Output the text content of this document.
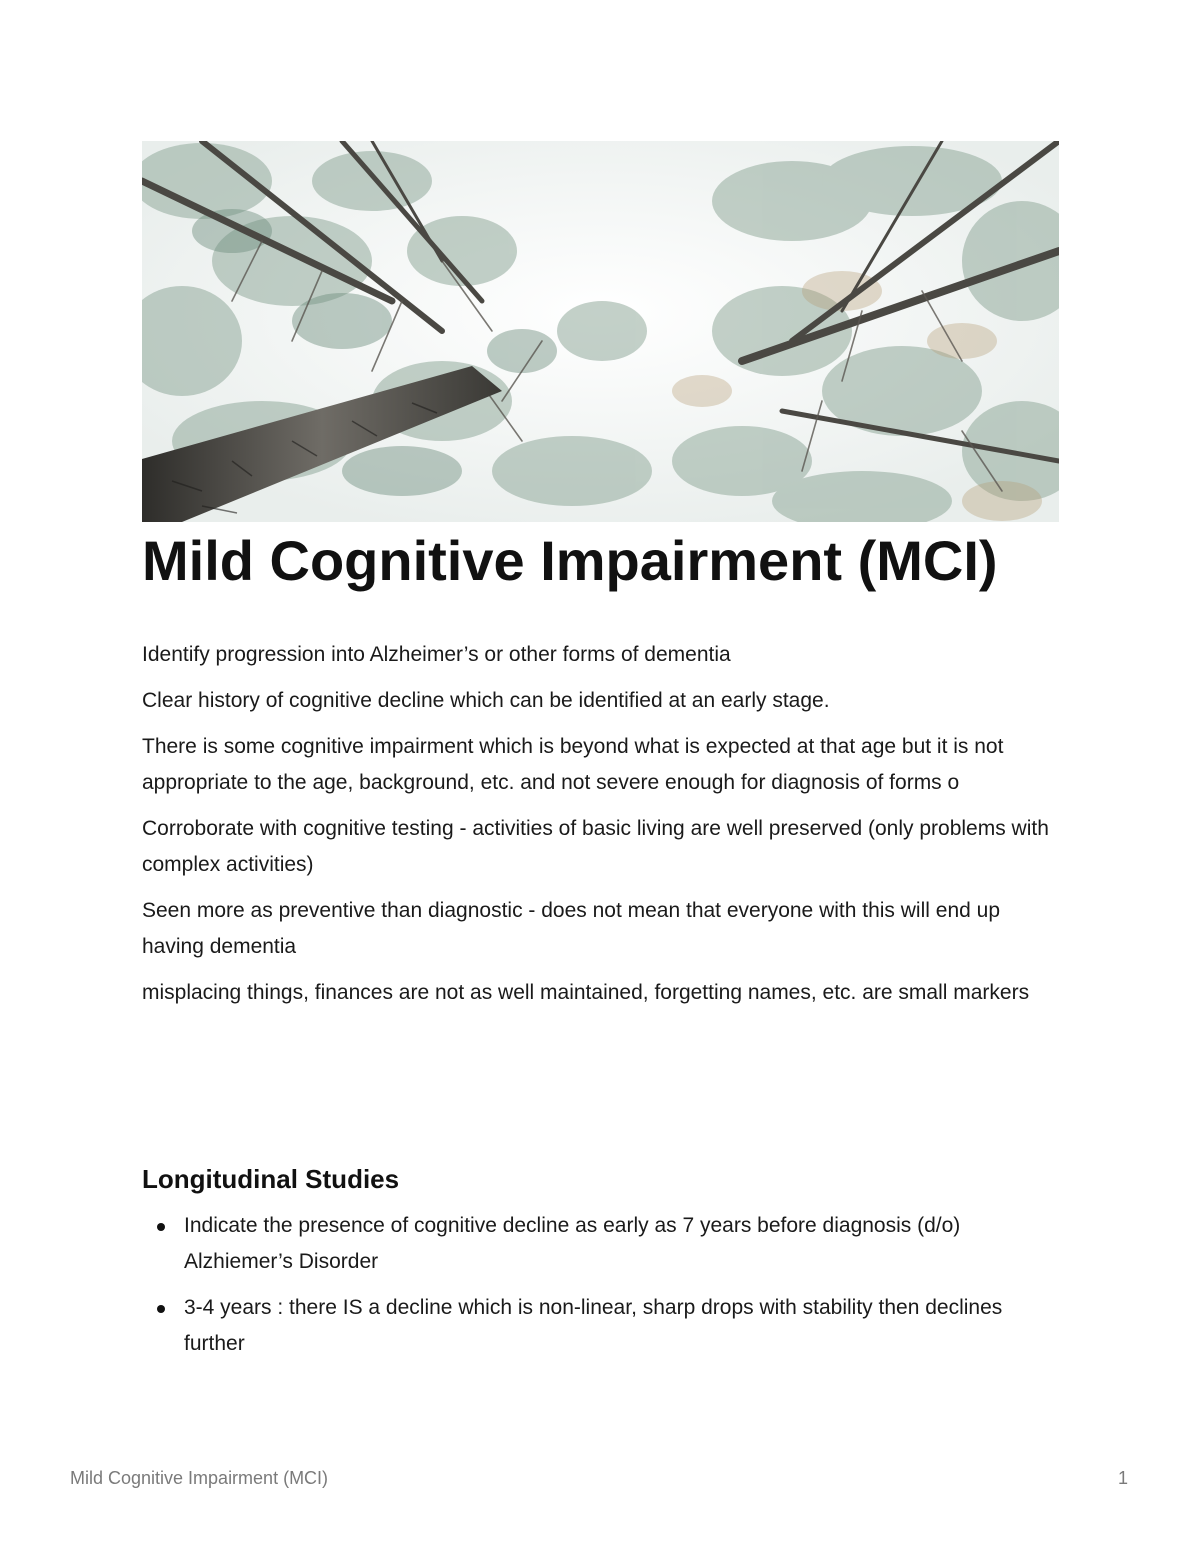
Mild Cognitive Impairment (MCI)

Identify progression into Alzheimer’s or other forms of dementia

Clear history of cognitive decline which can be identified at an early stage.

There is some cognitive impairment which is beyond what is expected at that age but it is not appropriate to the age, background, etc. and not severe enough for diagnosis of forms o

Corroborate with cognitive testing - activities of basic living are well preserved (only problems with complex activities)

Seen more as preventive than diagnostic - does not mean that everyone with this will end up having dementia

misplacing things, finances are not as well maintained, forgetting names, etc. are small markers

Longitudinal Studies
Indicate the presence of cognitive decline as early as 7 years before diagnosis (d/o) Alzhiemer’s Disorder
3-4 years : there IS a decline which is non-linear, sharp drops with stability then declines further
Mild Cognitive Impairment (MCI)	1
